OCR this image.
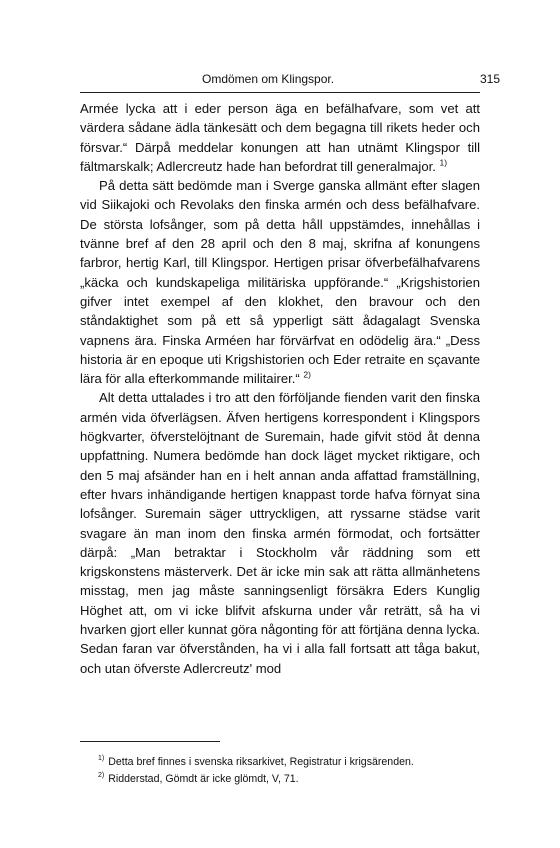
Omdömen om Klingspor.	315

Armée lycka att i eder person äga en befälhafvare, som vet att värdera sådane ädla tänkesätt och dem begagna till rikets heder och försvar.“ Därpå meddelar konungen att han utnämt Klingspor till fältmarskalk; Adlercreutz hade han befordrat till generalmajor. $^{1)}$

På detta sätt bedömde man i Sverge ganska allmänt efter slagen vid Siikajoki och Revolaks den finska armén och dess befälhafvare. De största lofsånger, som på detta håll uppstämdes, innehållas i tvänne bref af den 28 april och den 8 maj, skrifna af konungens farbror, hertig Karl, till Klingspor. Hertigen prisar öfverbefälhafvarens „käcka och kundskapeliga militäriska uppförande.“ „Krigshistorien gifver intet exempel af den klokhet, den bravour och den ståndaktighet som på ett så ypperligt sätt ådagalagt Svenska vapnens ära. Finska Arméen har förvärfvat en odödelig ära.“ „Dess historia är en epoque uti Krigshistorien och Eder retraite en sçavante lära för alla efterkommande militairer.“ $^{2)}$

Alt detta uttalades i tro att den förföljande fienden varit den finska armén vida öfverlägsen. Äfven hertigens korrespondent i Klingspors högkvarter, öfverstelöjtnant de Suremain, hade gifvit stöd åt denna uppfattning. Numera bedömde han dock läget mycket riktigare, och den 5 maj afsänder han en i helt annan anda affattad framställning, efter hvars inhändigande hertigen knappast torde hafva förnyat sina lofsånger. Suremain säger uttryckligen, att ryssarne städse varit svagare än man inom den finska armén förmodat, och fortsätter därpå: „Man betraktar i Stockholm vår räddning som ett krigskonstens mästerverk. Det är icke min sak att rätta allmänhetens misstag, men jag måste sanningsenligt försäkra Eders Kunglig Höghet att, om vi icke blifvit afskurna under vår reträtt, så ha vi hvarken gjort eller kunnat göra någonting för att förtjäna denna lycka. Sedan faran var öfverstånden, ha vi i alla fall fortsatt att tåga bakut, och utan öfverste Adlercreutz' mod

$^{1)}$ Detta bref finnes i svenska riksarkivet, Registratur i krigsärenden.
$^{2)}$ Ridderstad, Gömdt är icke glömdt, V, 71.
